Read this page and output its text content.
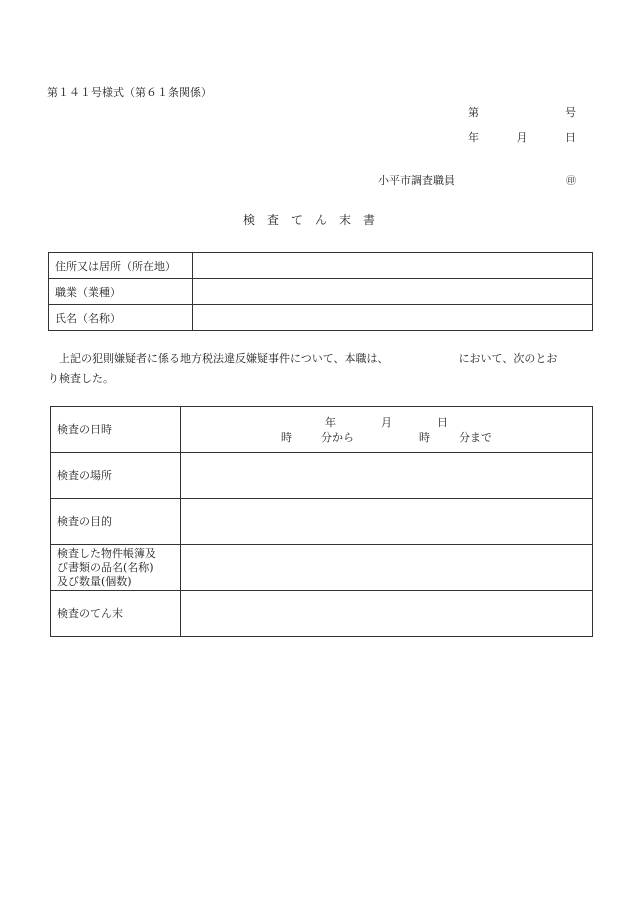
第１４１号様式（第６１条関係）
第	号
年	月	日
小平市調査職員	㊞
検査てん末書
住所又は居所（所在地）	
職業（業種）	
氏名（名称）	
上記の犯則嫌疑者に係る地方税法違反嫌疑事件について、本職は、	において、次のとお
り検査した。
検査の日時	年 月 日
時 分から 時 分まで

検査の場所	
検査の目的	

検査した物件帳簿及
び書類の品名(名称)
及び数量(個数)	

検査のてん末	
